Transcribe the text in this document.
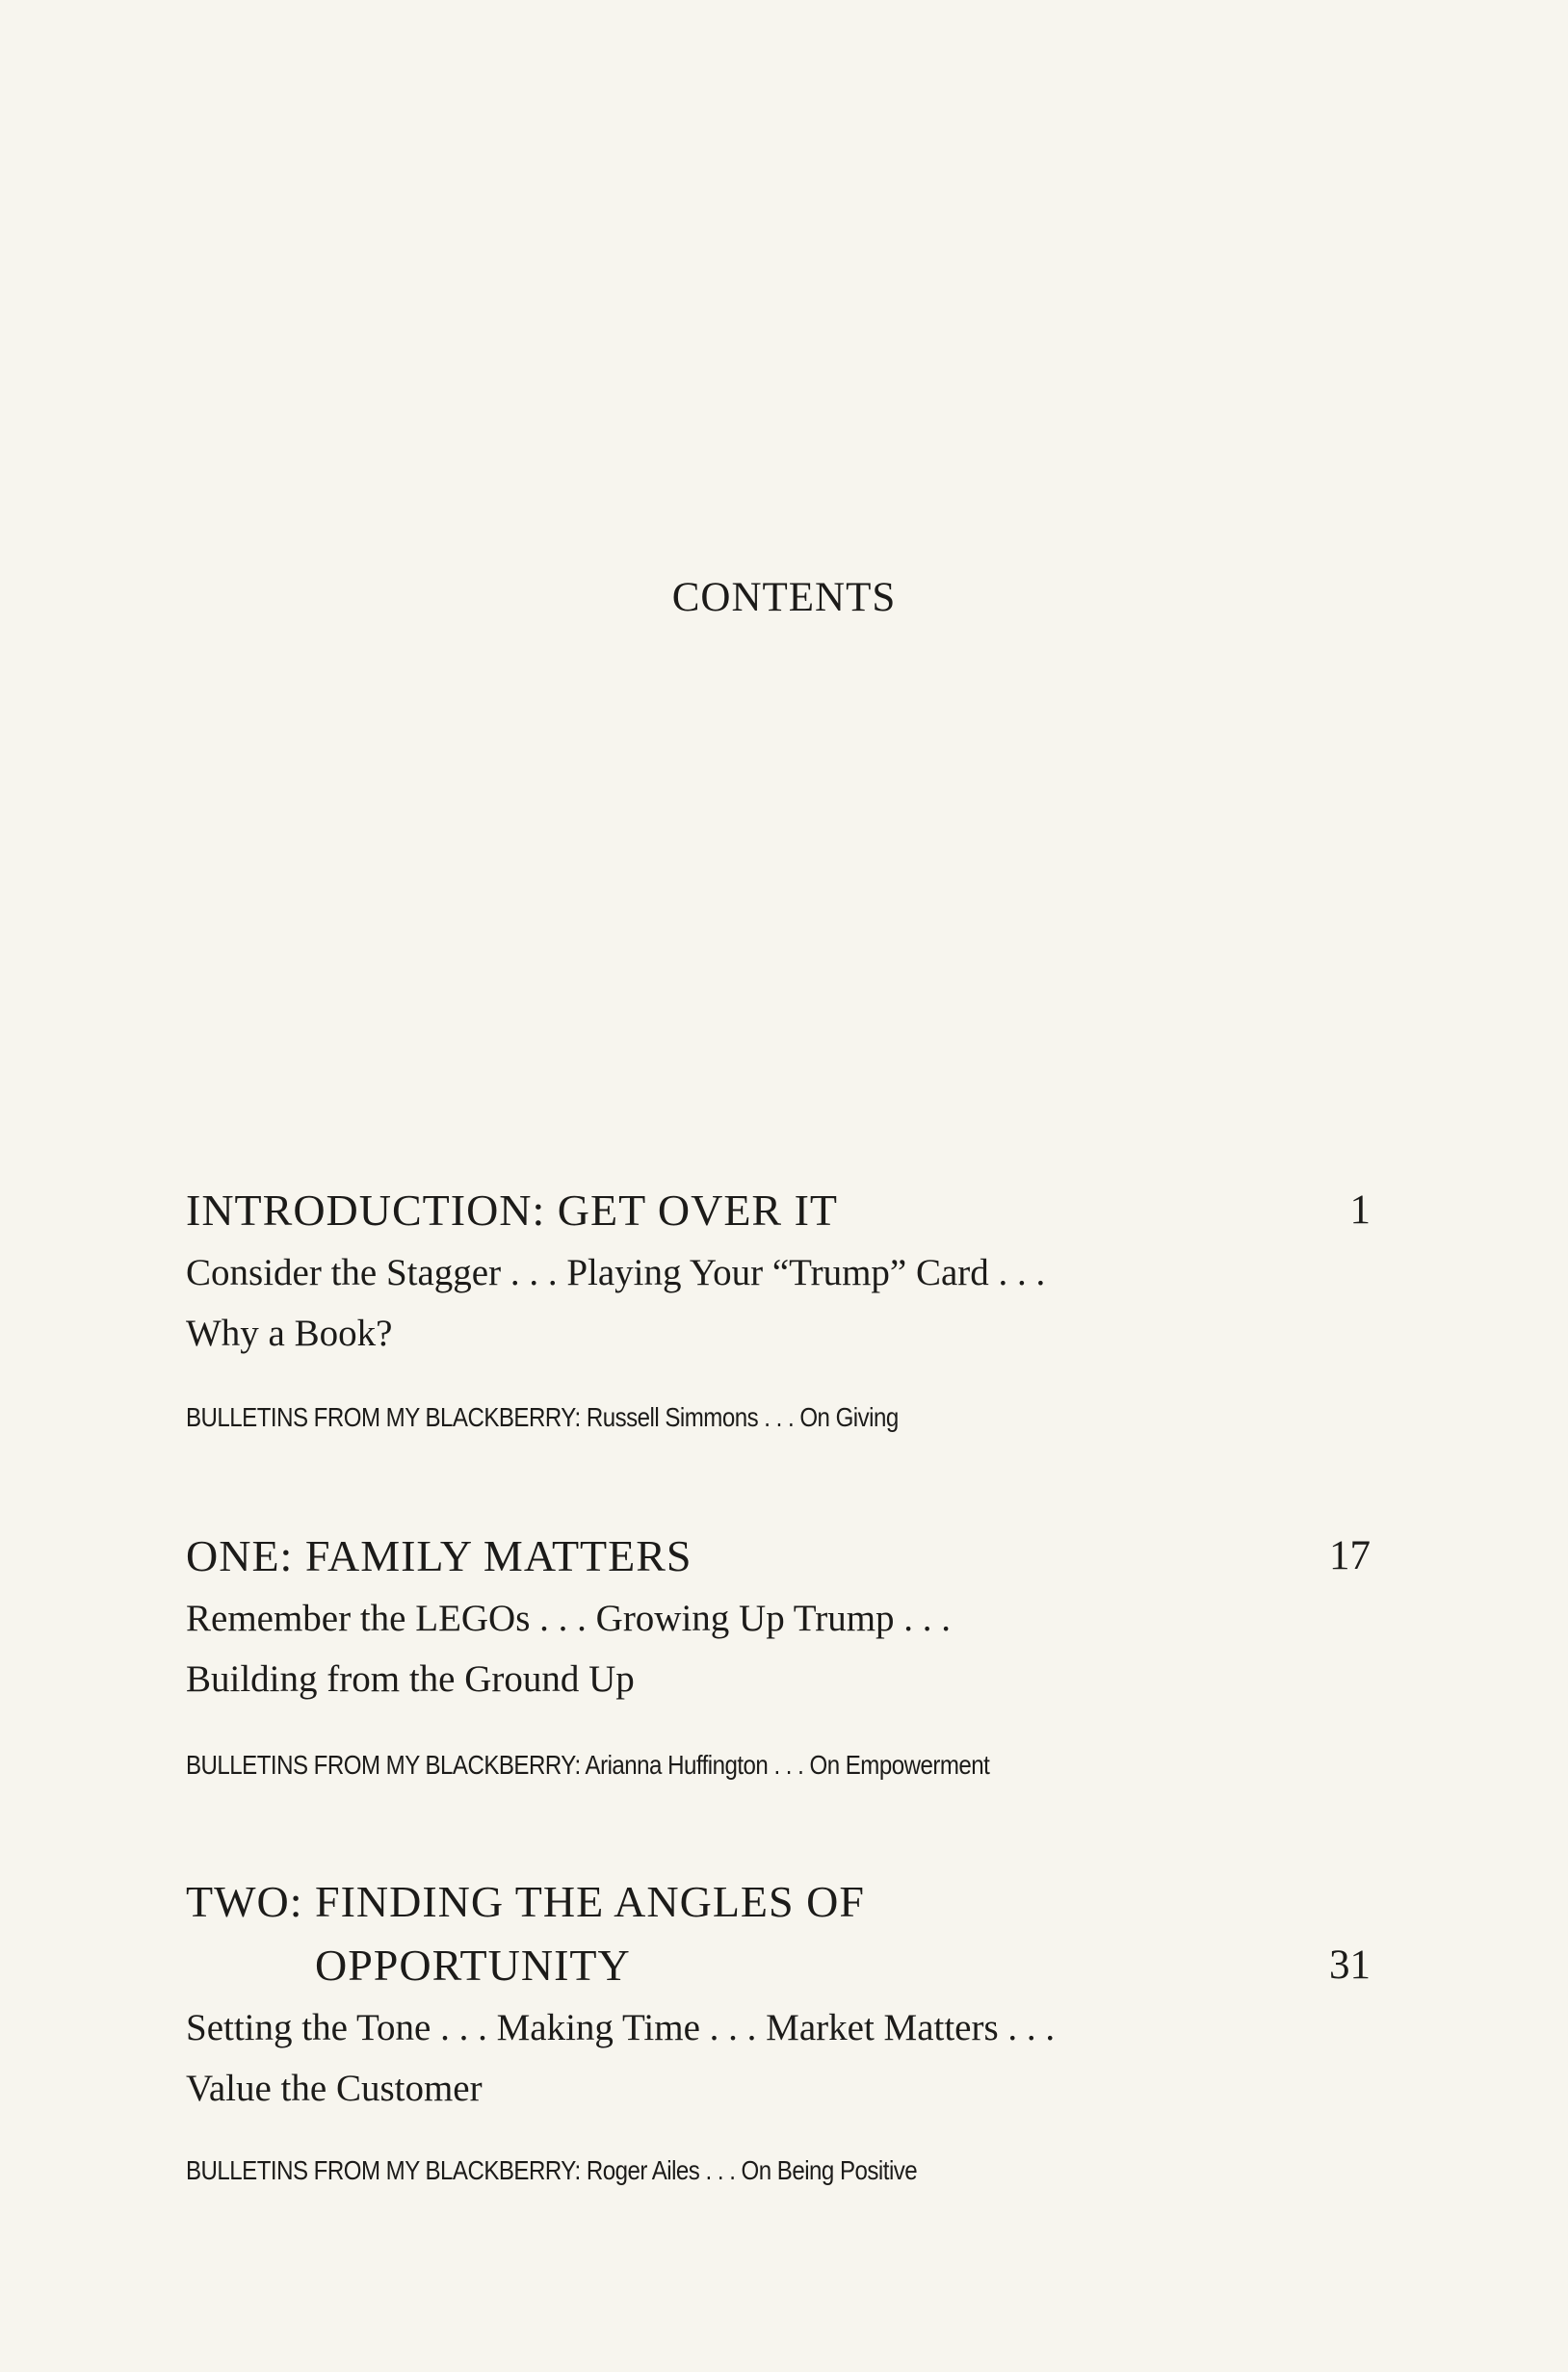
CONTENTS
INTRODUCTION: GET OVER IT	1

Consider the Stagger . . . Playing Your “Trump” Card . . .
Why a Book?

BULLETINS FROM MY BLACKBERRY: Russell Simmons . . . On Giving
ONE: FAMILY MATTERS	17

Remember the LEGOs . . . Growing Up Trump . . .
Building from the Ground Up

BULLETINS FROM MY BLACKBERRY: Arianna Huffington . . . On Empowerment
TWO: FINDING THE ANGLES OF
OPPORTUNITY	31

Setting the Tone . . . Making Time . . . Market Matters . . .
Value the Customer

BULLETINS FROM MY BLACKBERRY: Roger Ailes . . . On Being Positive
